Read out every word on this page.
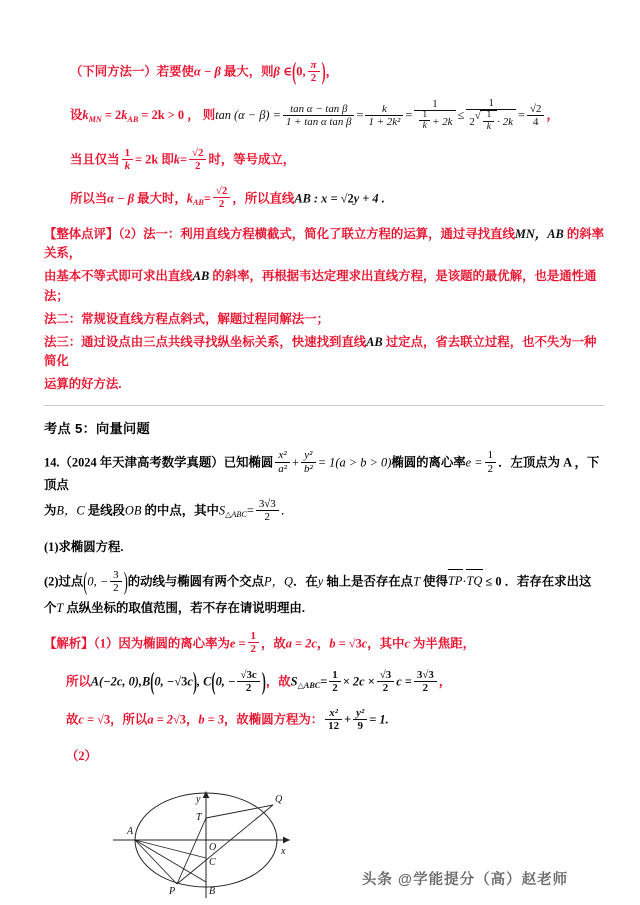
（下同方法一）若要使α − β 最大，则β ∈(0, $\frac{\pi}{2}$ )，
设$k_{MN} = 2k_{AB} = 2k > 0$ ， 则$\tan (\alpha - \beta) = \frac{\text{tan α − tan β}}{\text{1 + tan α tan β}} = \frac{k}{\text{1 + 2k²}} = \frac{1}{\frac{1}{k} + 2k} \le \frac{1}{2 √ \frac{1}{k} \cdot 2k} = \frac{√2}{4}$ ，
当且仅当 $\frac{1}{k} = 2k$ 即$k= \frac{√2}{2}$ 时，等号成立，
所以当α − β 最大时，$k_{AB}= \frac{√2}{2}$ ，所以直线AB : x = √2y + 4 .
【整体点评】（2）法一：利用直线方程横截式，简化了联立方程的运算，通过寻找直线MN，AB 的斜率关系，
由基本不等式即可求出直线AB 的斜率，再根据韦达定理求出直线方程，是该题的最优解，也是通性通法；
法二：常规设直线方程点斜式，解题过程同解法一；
法三：通过设点由三点共线寻找纵坐标关系，快速找到直线AB 过定点，省去联立过程，也不失为一种简化
运算的好方法.
考点 5：向量问题
14.（2024 年天津高考数学真题）已知椭圆 $\frac{\text{x²}}{\text{a²}} + \frac{\text{y²}}{\text{b²}} = 1(a > b > 0)$椭圆的离心率$e = \frac{1}{2}$ ．左顶点为 A ，下顶点
为B，C 是线段OB 的中点，其中$S_{\triangle ABC}= \frac{3√3}{2}$ ．
(1)求椭圆方程.
(2)过点(0, − $\frac{3}{2}$ )的动线与椭圆有两个交点P，Q．在y 轴上是否存在点T 使得TP·TQ ≤ 0 ．若存在求出这
个T 点纵坐标的取值范围，若不存在请说明理由.
【解析】（1）因为椭圆的离心率为$e = \frac{1}{2}$ ，故a = 2c，b = √3c，其中c 为半焦距，
所以A(−2c, 0),B(0, −√3c), C(0, − $\frac{√3c}{2}$ )，故$S_{\triangle ABC}= \frac{1}{2} \times 2c \times \frac{√3}{2}$ $c = \frac{3√3}{2}$ ，
故c = √3，所以a = 2√3，b = 3，故椭圆方程为： $\frac{\text{x²}}{12} + \frac{\text{y²}}{9} = 1$.
（2）
A
B
C
O
P
Q
T
x
y
头条 @学能提分（高）赵老师
